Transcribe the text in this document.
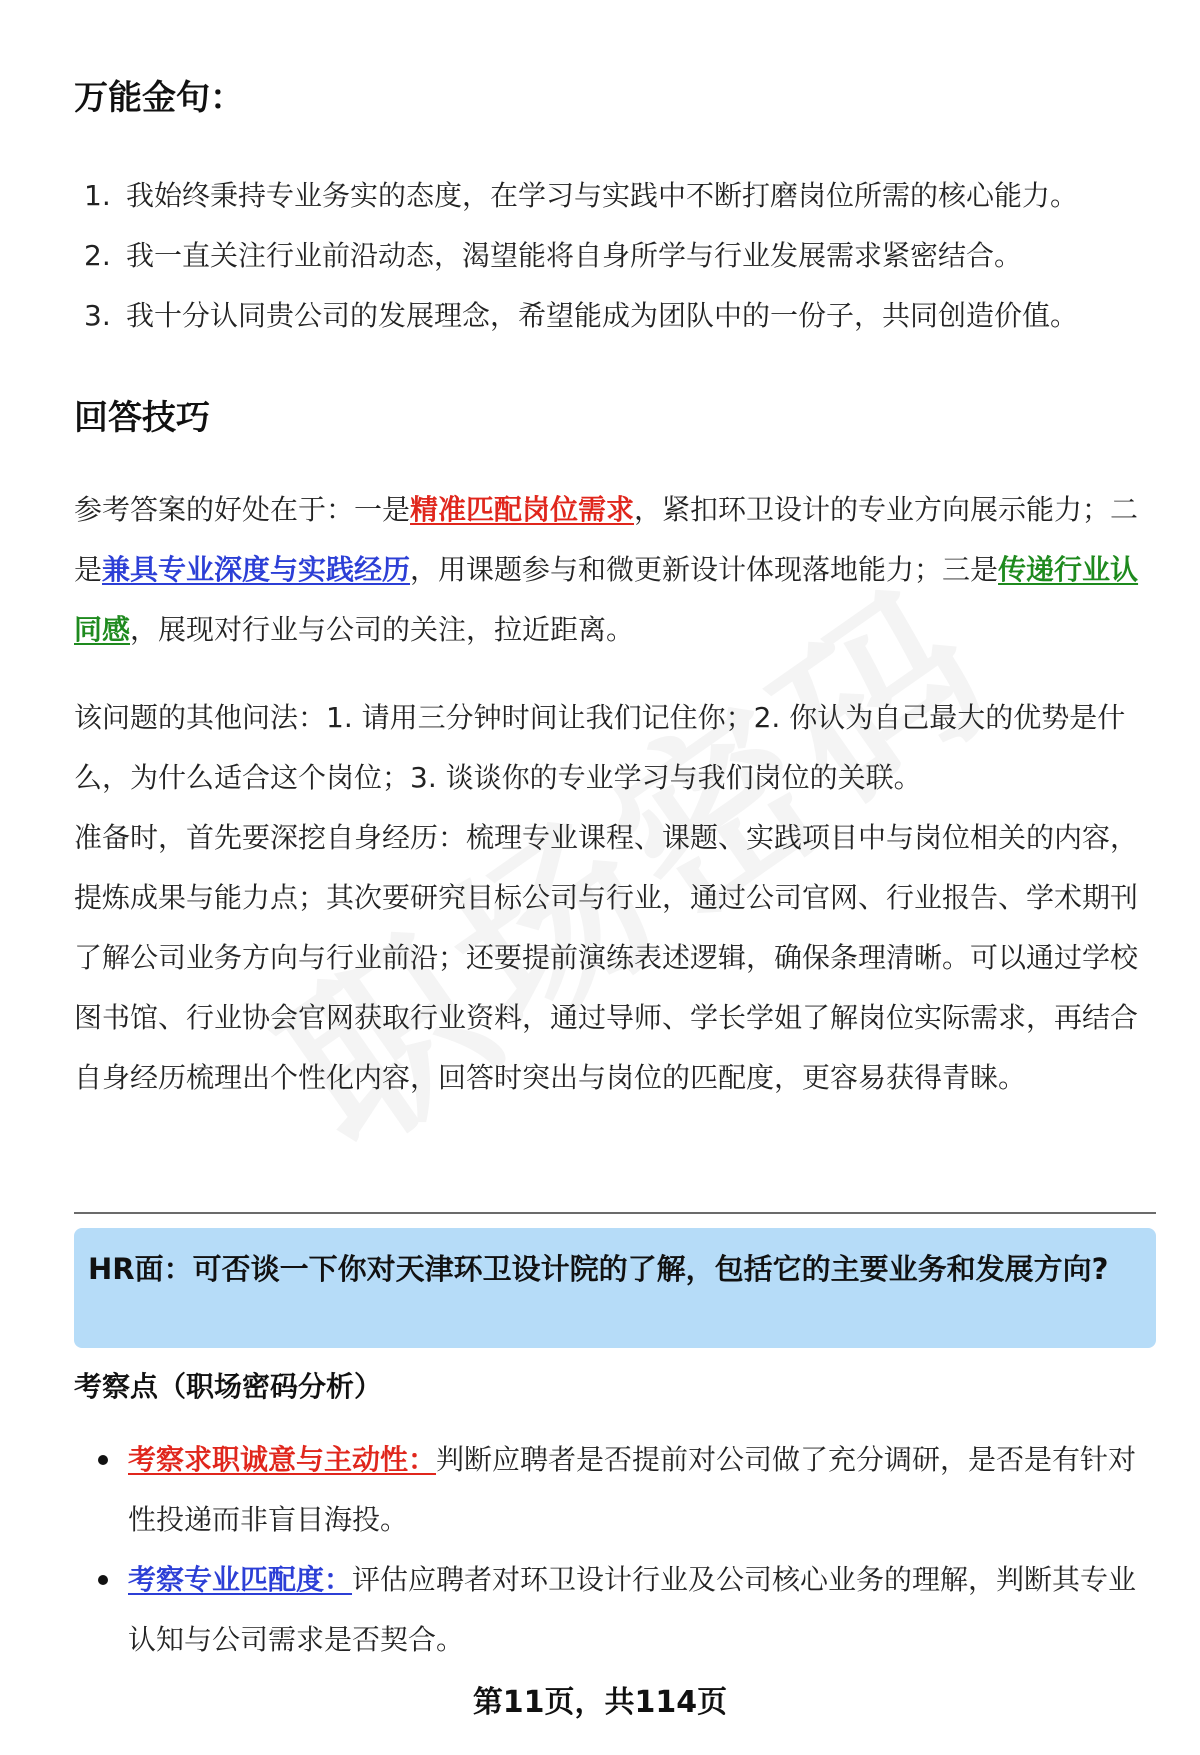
万能金句：
1. 我始终秉持专业务实的态度，在学习与实践中不断打磨岗位所需的核心能力。
2. 我一直关注行业前沿动态，渴望能将自身所学与行业发展需求紧密结合。
3. 我十分认同贵公司的发展理念，希望能成为团队中的一份子，共同创造价值。
回答技巧

参考答案的好处在于：一是精准匹配岗位需求，紧扣环卫设计的专业方向展示能力；二是兼具专业深度与实践经历，用课题参与和微更新设计体现落地能力；三是传递行业认同感，展现对行业与公司的关注，拉近距离。

该问题的其他问法：1. 请用三分钟时间让我们记住你；2. 你认为自己最大的优势是什么，为什么适合这个岗位；3. 谈谈你的专业学习与我们岗位的关联。

准备时，首先要深挖自身经历：梳理专业课程、课题、实践项目中与岗位相关的内容，提炼成果与能力点；其次要研究目标公司与行业，通过公司官网、行业报告、学术期刊了解公司业务方向与行业前沿；还要提前演练表述逻辑，确保条理清晰。可以通过学校图书馆、行业协会官网获取行业资料，通过导师、学长学姐了解岗位实际需求，再结合自身经历梳理出个性化内容，回答时突出与岗位的匹配度，更容易获得青睐。

HR面：可否谈一下你对天津环卫设计院的了解，包括它的主要业务和发展方向?
考察点（职场密码分析）
考察求职诚意与主动性：判断应聘者是否提前对公司做了充分调研，是否是有针对性投递而非盲目海投。
考察专业匹配度：评估应聘者对环卫设计行业及公司核心业务的理解，判断其专业认知与公司需求是否契合。
第11页，共114页
